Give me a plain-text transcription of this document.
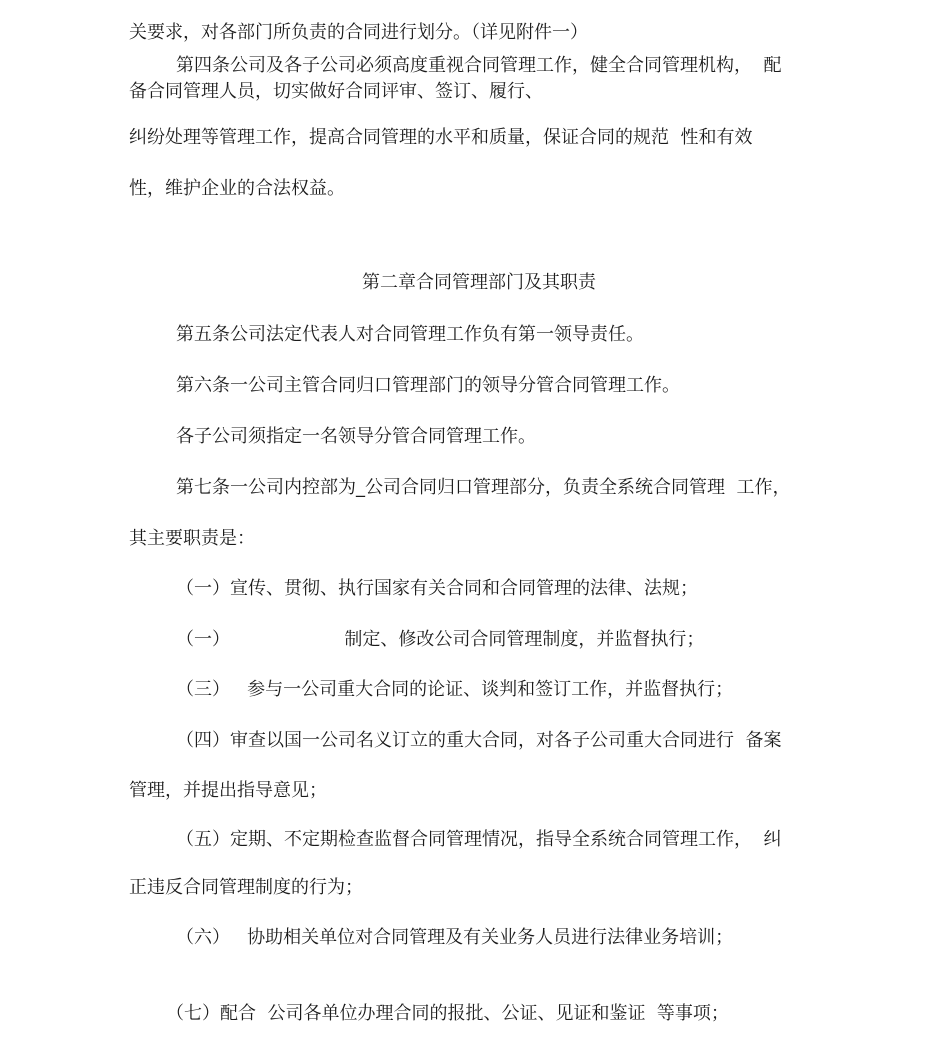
关要求，对各部门所负责的合同进行划分。（详见附件一）
第四条公司及各子公司必须高度重视合同管理工作，健全合同管理机构，  配
备合同管理人员，切实做好合同评审、签订、履行、
纠纷处理等管理工作，提高合同管理的水平和质量，保证合同的规范  性和有效
性，维护企业的合法权益。
第二章合同管理部门及其职责
第五条公司法定代表人对合同管理工作负有第一领导责任。
第六条一公司主管合同归口管理部门的领导分管合同管理工作。
各子公司须指定一名领导分管合同管理工作。
第七条一公司内控部为_公司合同归口管理部分，负责全系统合同管理  工作，
其主要职责是：
（一）宣传、贯彻、执行国家有关合同和合同管理的法律、法规；
（一）                    制定、修改公司合同管理制度，并监督执行；
（三）   参与一公司重大合同的论证、谈判和签订工作，并监督执行；
（四）审查以国一公司名义订立的重大合同，对各子公司重大合同进行  备案
管理，并提出指导意见；
（五）定期、不定期检查监督合同管理情况，指导全系统合同管理工作，  纠
正违反合同管理制度的行为；
（六）   协助相关单位对合同管理及有关业务人员进行法律业务培训；
（七）配合  公司各单位办理合同的报批、公证、见证和鉴证  等事项；
